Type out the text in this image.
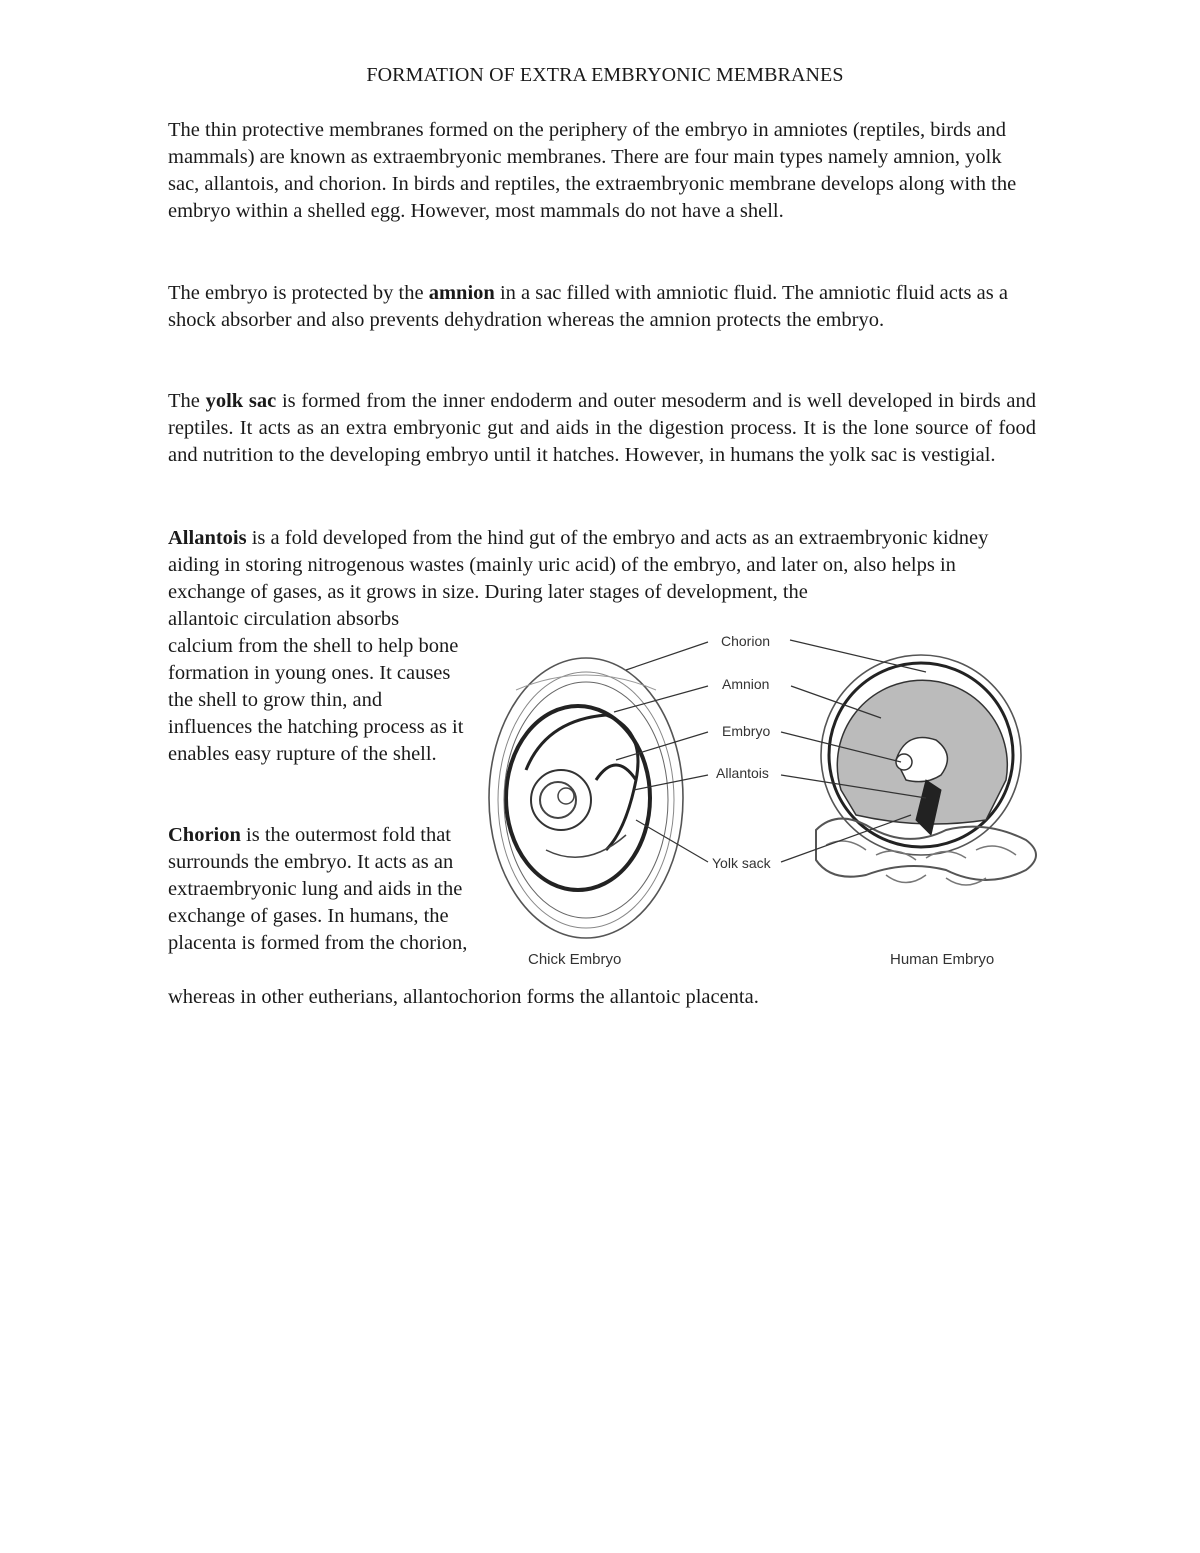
FORMATION OF EXTRA EMBRYONIC MEMBRANES

The thin protective membranes formed on the periphery of the embryo in amniotes (reptiles, birds and mammals) are known as extraembryonic membranes. There are four main types namely amnion, yolk sac, allantois, and chorion. In birds and reptiles, the extraembryonic membrane develops along with the embryo within a shelled egg. However, most mammals do not have a shell.

The embryo is protected by the amnion in a sac filled with amniotic fluid. The amniotic fluid acts as a shock absorber and also prevents dehydration whereas the amnion protects the embryo.

The yolk sac is formed from the inner endoderm and outer mesoderm and is well developed in birds and reptiles. It acts as an extra embryonic gut and aids in the digestion process. It is the lone source of food and nutrition to the developing embryo until it hatches. However, in humans the yolk sac is vestigial.

Allantois is a fold developed from the hind gut of the embryo and acts as an extraembryonic kidney aiding in storing nitrogenous wastes (mainly uric acid) of the embryo, and later on, also helps in exchange of gases, as it grows in size. During later stages of development, the

allantoic circulation absorbs calcium from the shell to help bone formation in young ones. It causes the shell to grow thin, and influences the hatching process as it enables easy rupture of the shell.

Chorion is the outermost fold that surrounds the embryo. It acts as an extraembryonic lung and aids in the exchange of gases. In humans, the placenta is formed from the chorion,

whereas in other eutherians, allantochorion forms the allantoic placenta.

Chorion
Amnion
Embryo
Allantois
Yolk sack
Chick Embryo	Human Embryo
